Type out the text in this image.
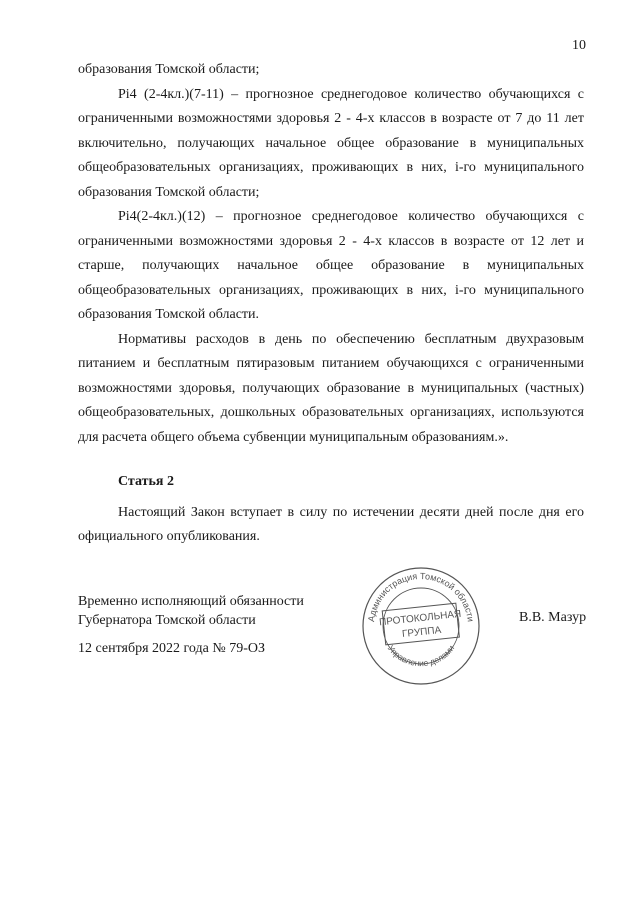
10

образования Томской области;

Pi4 (2-4кл.)(7-11) – прогнозное среднегодовое количество обучающихся с ограниченными возможностями здоровья 2 - 4-х классов в возрасте от 7 до 11 лет включительно, получающих начальное общее образование в муниципальных общеобразовательных организациях, проживающих в них, i-го муниципального образования Томской области;

Pi4(2-4кл.)(12) – прогнозное среднегодовое количество обучающихся с ограниченными возможностями здоровья 2 - 4-х классов в возрасте от 12 лет и старше, получающих начальное общее образование в муниципальных общеобразовательных организациях, проживающих в них, i-го муниципального образования Томской области.

Нормативы расходов в день по обеспечению бесплатным двухразовым питанием и бесплатным пятиразовым питанием обучающихся с ограниченными возможностями здоровья, получающих образование в муниципальных (частных) общеобразовательных, дошкольных образовательных организациях, используются для расчета общего объема субвенции муниципальным образованиям.».

Статья 2

Настоящий Закон вступает в силу по истечении десяти дней после дня его официального опубликования.

Временно исполняющий обязанности
Губернатора Томской области	В.В. Мазур
12 сентября 2022 года № 79-ОЗ
Администрация Томской области
Управление делами
ПРОТОКОЛЬНАЯ
ГРУППА
